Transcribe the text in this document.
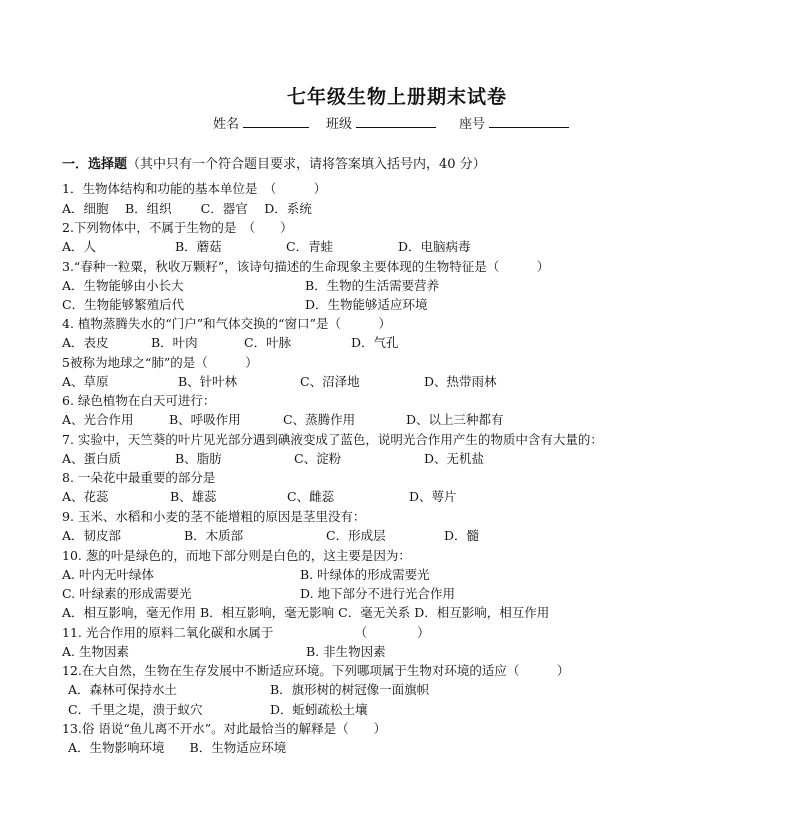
七年级生物上册期末试卷
姓名	班级	座号
一．选择题（其中只有一个符合题目要求，请将答案填入括号内，40 分）
1．生物体结构和功能的基本单位是　（　　　）
A．细胞　 B．组织　　 C．器官　 D．系统
2.下列物体中，不属于生物的是　（　　）
A．人	B．蘑菇	C．青蛙	D．电脑病毒
3.“春种一粒粟，秋收万颗籽”，该诗句描述的生命现象主要体现的生物特征是（　　　）
A．生物能够由小长大	B．生物的生活需要营养
C．生物能够繁殖后代	D．生物能够适应环境
4. 植物蒸腾失水的“门户”和气体交换的“窗口”是（　　　）
A．表皮	B．叶肉	C．叶脉	D．气孔
5被称为地球之“肺”的是（　　　）
A、草原	B、针叶林	C、沼泽地	D、热带雨林
6. 绿色植物在白天可进行：
A、光合作用	B、呼吸作用	C、蒸腾作用	D、以上三种都有
7. 实验中，天竺葵的叶片见光部分遇到碘液变成了蓝色，说明光合作用产生的物质中含有大量的：
A、蛋白质	B、脂肪	C、淀粉	D、无机盐
8. 一朵花中最重要的部分是
A、花蕊	B、雄蕊	C、雌蕊	D、萼片
9. 玉米、水稻和小麦的茎不能增粗的原因是茎里没有：
A．韧皮部	B．木质部	C．形成层	D．髓
10. 葱的叶是绿色的，而地下部分则是白色的，这主要是因为：
A. 叶内无叶绿体	B. 叶绿体的形成需要光
C. 叶绿素的形成需要光	D. 地下部分不进行光合作用
A．相互影响，毫无作用 B．相互影响，毫无影响 C．毫无关系 D．相互影响，相互作用
11. 光合作用的原料二氧化碳和水属于　　　　　　　（　　　　）
A. 生物因素	B. 非生物因素
12.在大自然，生物在生存发展中不断适应环境。下列哪项属于生物对环境的适应（　　　）
A．森林可保持水土	B．旗形树的树冠像一面旗帜
C．千里之堤，溃于蚁穴	D．蚯蚓疏松土壤
13.俗 语说“鱼儿离不开水”。对此最恰当的解释是（　　）
A．生物影响环境　　B．生物适应环境
